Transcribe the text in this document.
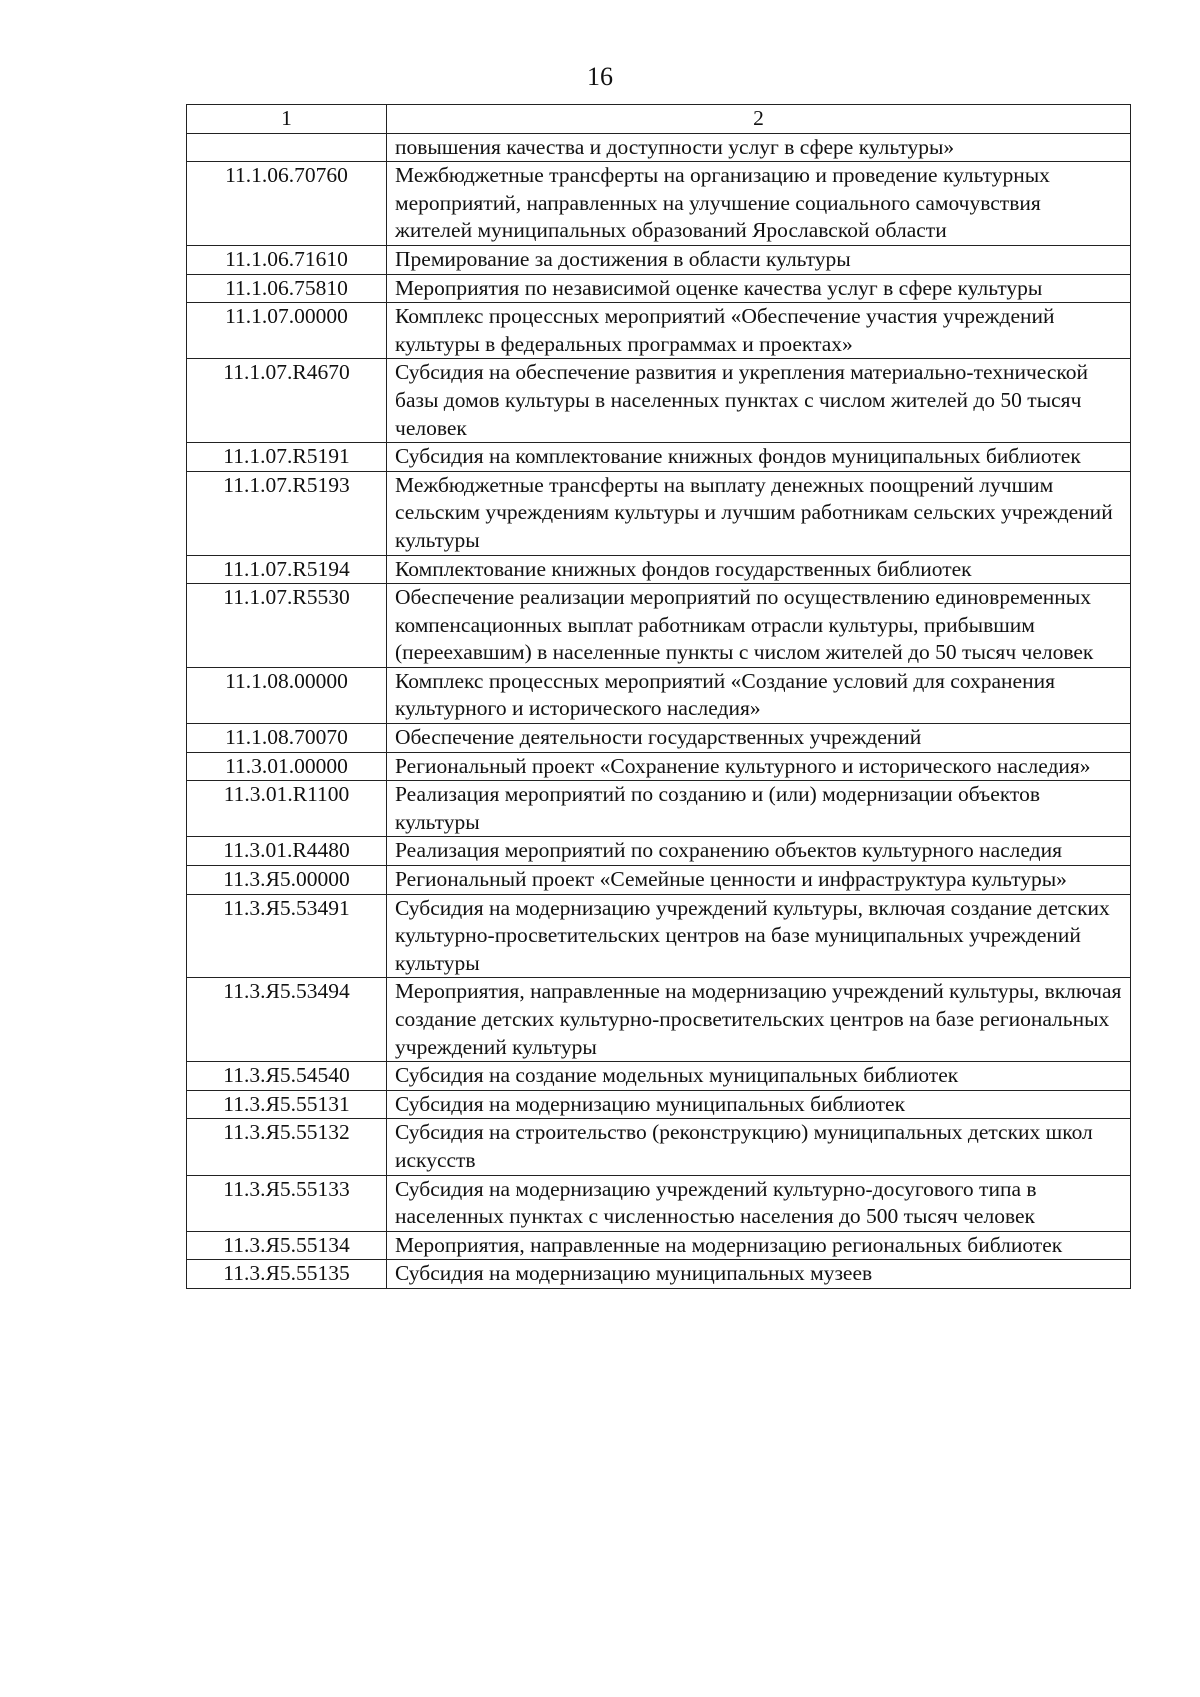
16
1	2
	повышения качества и доступности услуг в сфере культуры»
11.1.06.70760	Межбюджетные трансферты на организацию и проведение культурных мероприятий, направленных на улучшение социального самочувствия жителей муниципальных образований Ярославской области
11.1.06.71610	Премирование за достижения в области культуры
11.1.06.75810	Мероприятия по независимой оценке качества услуг в сфере культуры
11.1.07.00000	Комплекс процессных мероприятий «Обеспечение участия учреждений культуры в федеральных программах и проектах»
11.1.07.R4670	Субсидия на обеспечение развития и укрепления материально-технической базы домов культуры в населенных пунктах с числом жителей до 50 тысяч человек
11.1.07.R5191	Субсидия на комплектование книжных фондов муниципальных библиотек
11.1.07.R5193	Межбюджетные трансферты на выплату денежных поощрений лучшим сельским учреждениям культуры и лучшим работникам сельских учреждений культуры
11.1.07.R5194	Комплектование книжных фондов государственных библиотек
11.1.07.R5530	Обеспечение реализации мероприятий по осуществлению единовременных компенсационных выплат работникам отрасли культуры, прибывшим (переехавшим) в населенные пункты с числом жителей до 50 тысяч человек
11.1.08.00000	Комплекс процессных мероприятий «Создание условий для сохранения культурного и исторического наследия»
11.1.08.70070	Обеспечение деятельности государственных учреждений
11.3.01.00000	Региональный проект «Сохранение культурного и исторического наследия»
11.3.01.R1100	Реализация мероприятий по созданию и (или) модернизации объектов культуры
11.3.01.R4480	Реализация мероприятий по сохранению объектов культурного наследия
11.3.Я5.00000	Региональный проект «Семейные ценности и инфраструктура культуры»
11.3.Я5.53491	Субсидия на модернизацию учреждений культуры, включая создание детских культурно-просветительских центров на базе муниципальных учреждений культуры
11.3.Я5.53494	Мероприятия, направленные на модернизацию учреждений культуры, включая создание детских культурно-просветительских центров на базе региональных учреждений культуры
11.3.Я5.54540	Субсидия на создание модельных муниципальных библиотек
11.3.Я5.55131	Субсидия на модернизацию муниципальных библиотек
11.3.Я5.55132	Субсидия на строительство (реконструкцию) муниципальных детских школ искусств
11.3.Я5.55133	Субсидия на модернизацию учреждений культурно-досугового типа в населенных пунктах с численностью населения до 500 тысяч человек
11.3.Я5.55134	Мероприятия, направленные на модернизацию региональных библиотек
11.3.Я5.55135	Субсидия на модернизацию муниципальных музеев
